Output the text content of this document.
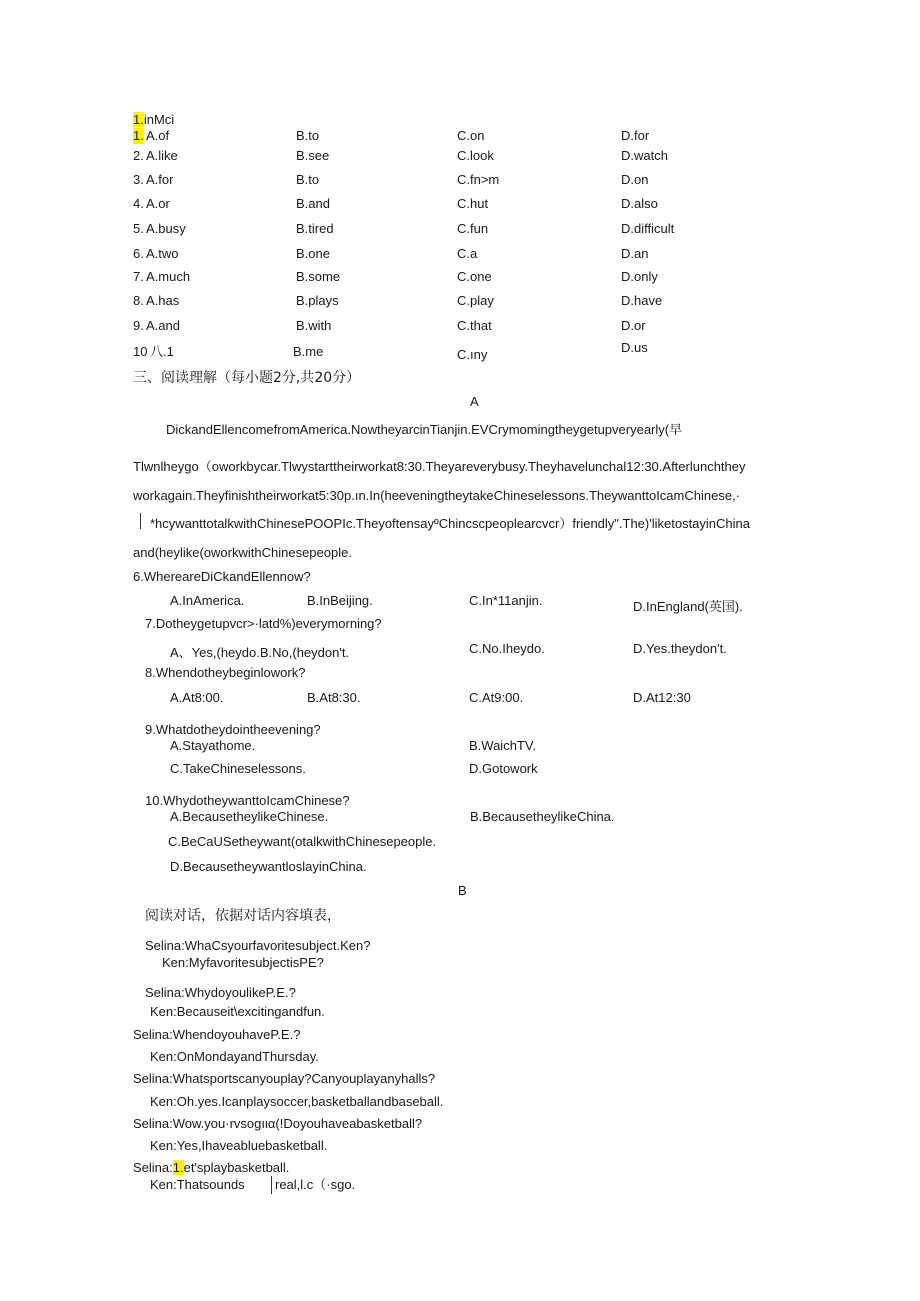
1.inMci
1. A.of	B.to	C.on	D.for
2. A.like	B.see	C.look	D.watch
3. A.for	B.to	C.fn>m	D.on
4. A.or	B.and	C.hut	D.also
5. A.busy	B.tired	C.fun	D.difficult
6. A.two	B.one	C.a	D.an
7. A.much	B.some	C.one	D.only
8. A.has	B.plays	C.play	D.have
9. A.and	B.with	C.that	D.or
10 八.1	B.me	C.ıny	D.us
三、阅读理解（每小题2分,共20分）
A
DickandEllencomefromAmerica.NowtheyarcinTianjin.EVCrymomingtheygetupveryearly(早
Tlwnlheygo（oworkbycar.Tlwystarttheirworkat8:30.Theyareverybusy.Theyhavelunchal12:30.Afterlunchthey
workagain.Theyfinishtheirworkat5:30p.ın.In(heeveningtheytakeChineselessons.TheywanttoIcamChinese,·
*hcywanttotalkwithChinesePOOPIc.TheyoftensayºChincscpeoplearcvcr）friendly".The)'liketostayinChina
and(heylike(oworkwithChinesepeople.
6.WherearеDiCkandEllennow?
A.InAmerica.	B.InBeijing.	C.In*11anjin.	D.InEngland(英国).
7.Dotheygetupvcr>·latd%)everymorning?
A、Yes,(heydo.B.No,(heydon't.	C.No.Iheydo.	D.Yes.theydon't.
8.Whendotheybeginlowork?
A.At8:00.	B.At8:30.	C.At9:00.	D.At12:30
9.Whatdotheydointheevening?
A.Stayathome.	B.WaichTV.
C.TakeChineselessons.	D.Gotowork
10.WhydotheywanttoIcamChinese?
A.BecausetheylikeChinese.	B.BecausetheylikeChina.
C.BeCaUSetheywant(otalkwithChinesepeople.
D.BecausetheywantloslayinChina.
B
阅读对话，依据对话内容填表，
Selina:WhaCsyourfavoritesubject.Ken?
Ken:MyfavoritesubjectisPE?
Selina:WhydoyoulikeP.E.?
Ken:Becauseit\excitingandfun.
Selina:WhendoyouhaveP.E.?
Ken:OnMondayandThursday.
Selina:Whatsportscanyouplay?Canyouplayanyhalls?
Ken:Oh.yes.Icanplaysoccer,basketballandbaseball.
Selina:Wow.you·rvsogıια(!Doyouhaveabasketball?
Ken:Yes,Ihaveabluebasketball.
Selina:1.et'splaybasketball.
Ken:Thatsounds real,l.c（·sgo.
